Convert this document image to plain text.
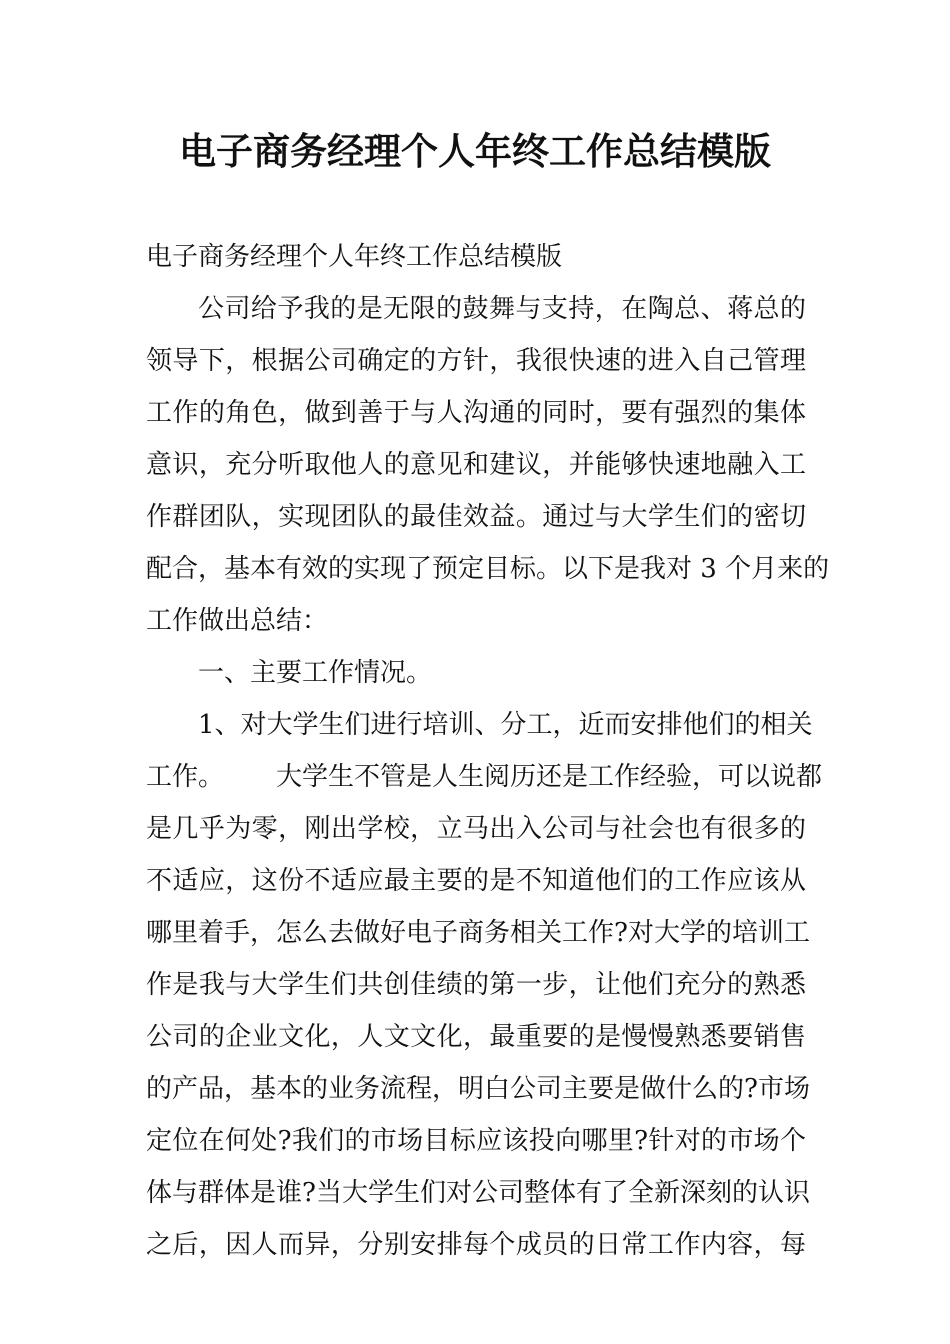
电子商务经理个人年终工作总结模版
电子商务经理个人年终工作总结模版
公司给予我的是无限的鼓舞与支持，在陶总、蒋总的
领导下，根据公司确定的方针，我很快速的进入自己管理
工作的角色，做到善于与人沟通的同时，要有强烈的集体
意识，充分听取他人的意见和建议，并能够快速地融入工
作群团队，实现团队的最佳效益。通过与大学生们的密切
配合，基本有效的实现了预定目标。以下是我对 3 个月来的
工作做出总结：
一、主要工作情况。
1、对大学生们进行培训、分工，近而安排他们的相关
工作。 大学生不管是人生阅历还是工作经验，可以说都
是几乎为零，刚出学校，立马出入公司与社会也有很多的
不适应，这份不适应最主要的是不知道他们的工作应该从
哪里着手，怎么去做好电子商务相关工作?对大学的培训工
作是我与大学生们共创佳绩的第一步，让他们充分的熟悉
公司的企业文化，人文文化，最重要的是慢慢熟悉要销售
的产品，基本的业务流程，明白公司主要是做什么的?市场
定位在何处?我们的市场目标应该投向哪里?针对的市场个
体与群体是谁?当大学生们对公司整体有了全新深刻的认识
之后，因人而异，分别安排每个成员的日常工作内容，每
